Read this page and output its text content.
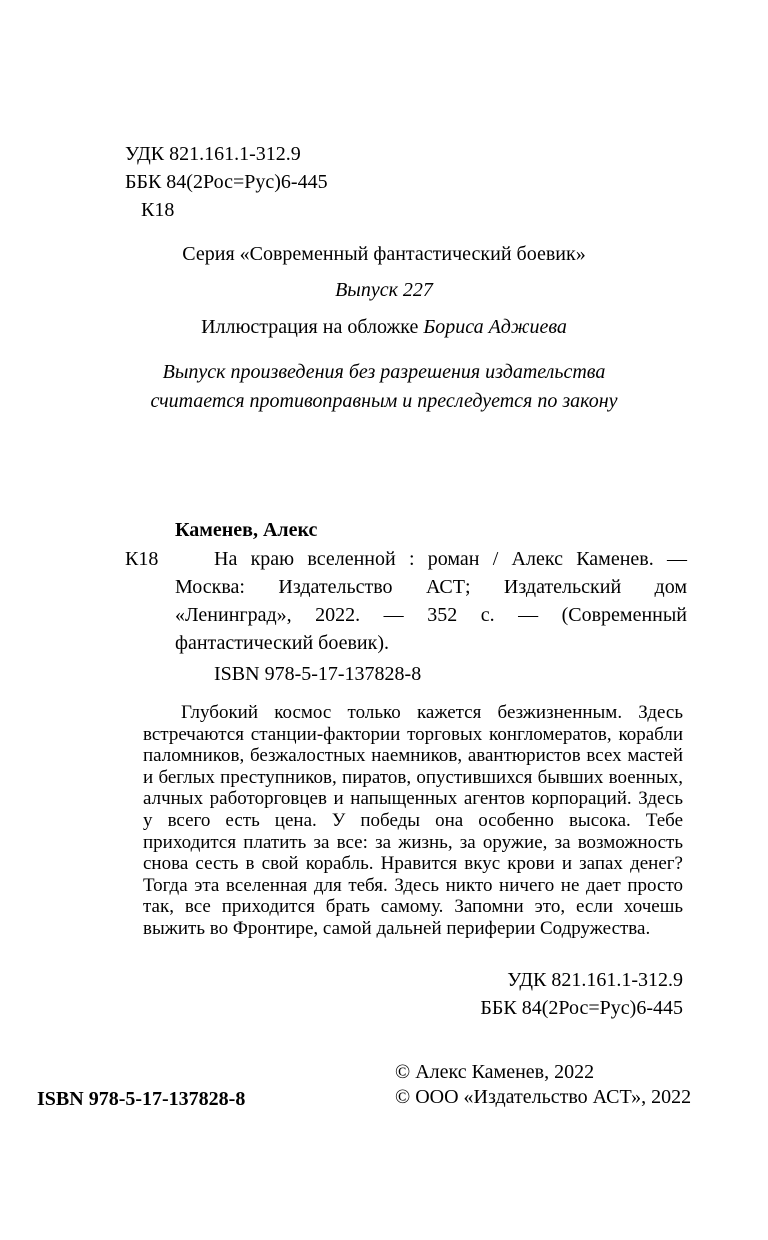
УДК 821.161.1-312.9
ББК 84(2Рос=Рус)6-445
К18
Серия «Современный фантастический боевик»
Выпуск 227
Иллюстрация на обложке Бориса Аджиева
Выпуск произведения без разрешения издательства
считается противоправным и преследуется по закону
Каменев, Алекс
К18	На краю вселенной : роман / Алекс Каменев. — Москва: Издательство АСТ; Издательский дом «Ленинград», 2022. — 352 с. — (Современный фантастический боевик).
ISBN 978-5-17-137828-8
Глубокий космос только кажется безжизненным. Здесь встречаются станции-фактории торговых конгломератов, корабли паломников, безжалостных наемников, авантюристов всех мастей и беглых преступников, пиратов, опустившихся бывших военных, алчных работорговцев и напыщенных агентов корпораций. Здесь у всего есть цена. У победы она особенно высока. Тебе приходится платить за все: за жизнь, за оружие, за возможность снова сесть в свой корабль. Нравится вкус крови и запах денег? Тогда эта вселенная для тебя. Здесь никто ничего не дает просто так, все приходится брать самому. Запомни это, если хочешь выжить во Фронтире, самой дальней периферии Содружества.
УДК 821.161.1-312.9
ББК 84(2Рос=Рус)6-445
ISBN 978-5-17-137828-8
© Алекс Каменев, 2022
© ООО «Издательство АСТ», 2022
